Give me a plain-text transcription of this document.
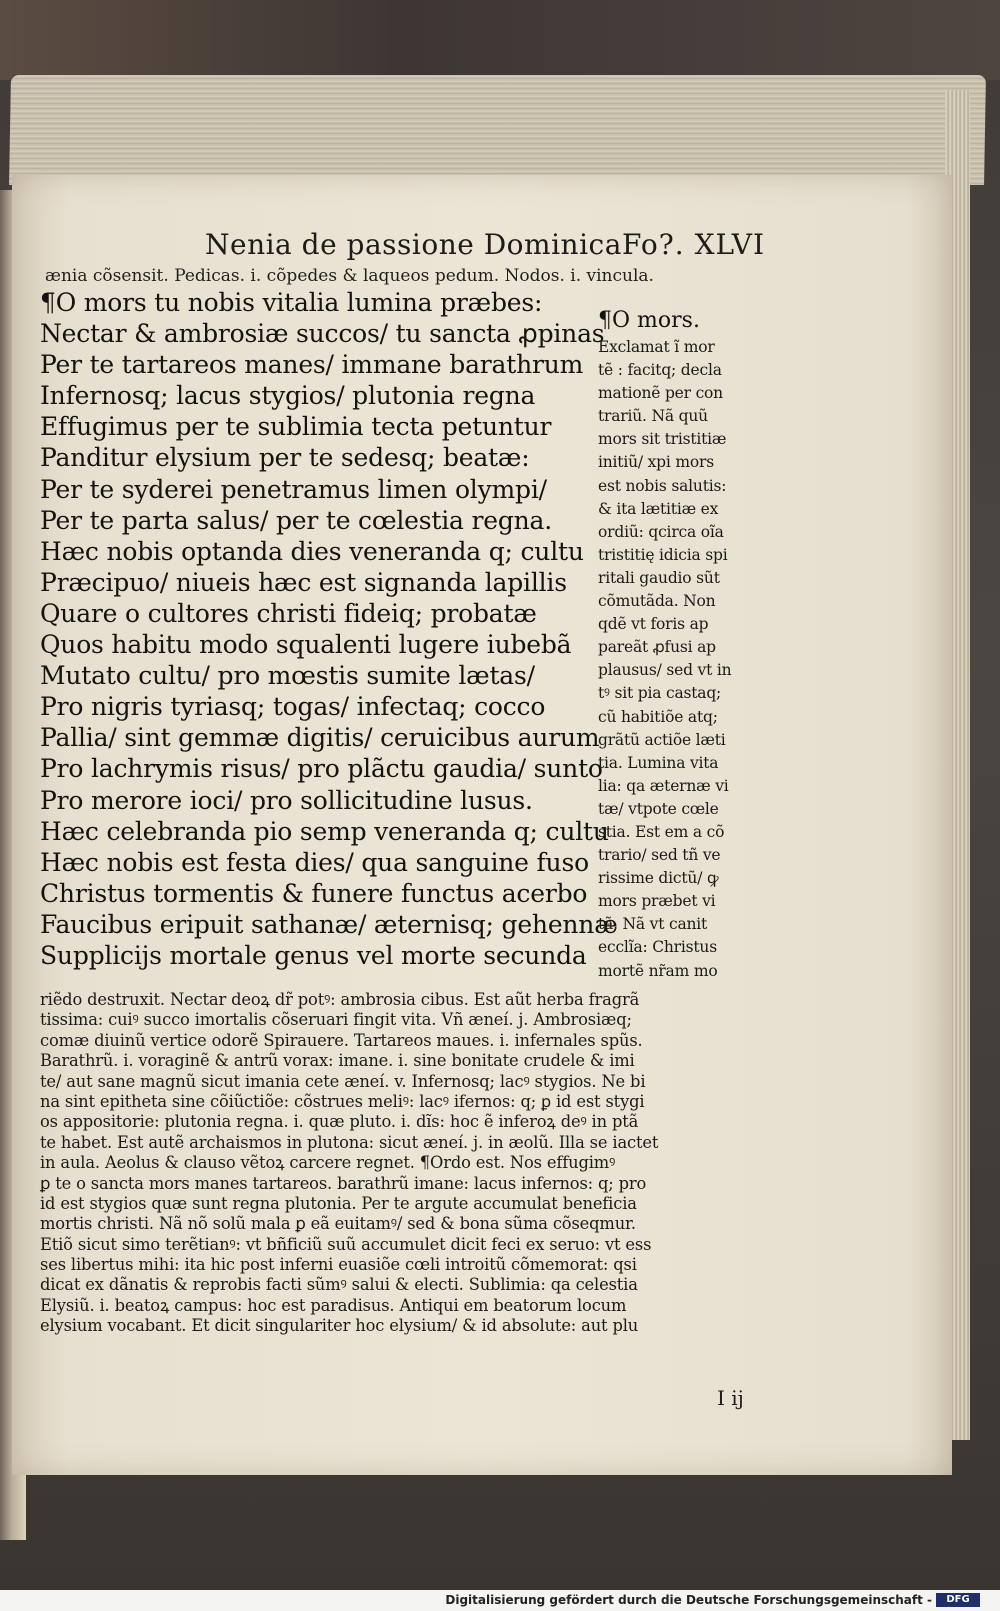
Nenia de passione Dominica Fo?. XLVI
ænia cõsensit. Pedicas. i. cõpedes & laqueos pedum. Nodos. i. vincula.
¶O mors tu nobis vitalia lumina præbes:
Nectar & ambrosiæ succos/ tu sancta ꝓpinas
Per te tartareos manes/ immane barathrum
Infernosq; lacus stygios/ plutonia regna
Effugimus per te sublimia tecta petuntur
Panditur elysium per te sedesq; beatæ:
Per te syderei penetramus limen olympi/
Per te parta salus/ per te cœlestia regna.
Hæc nobis optanda dies veneranda q; cultu
Præcipuo/ niueis hæc est signanda lapillis
Quare o cultores christi fideiq; probatæ
Quos habitu modo squalenti lugere iubebã
Mutato cultu/ pro mœstis sumite lætas/
Pro nigris tyriasq; togas/ infectaq; cocco
Pallia/ sint gemmæ digitis/ ceruicibus aurum
Pro lachrymis risus/ pro plãctu gaudia/ sunto
Pro merore ioci/ pro sollicitudine lusus.
Hæc celebranda pio semp veneranda q; cultu
Hæc nobis est festa dies/ qua sanguine fuso
Christus tormentis & funere functus acerbo
Faucibus eripuit sathanæ/ æternisq; gehennæ
Supplicijs mortale genus vel morte secunda
¶O mors.
Exclamat ĩ mor
tẽ : facitq; decla
mationẽ per con
trariũ. Nã quũ
mors sit tristitiæ
initiũ/ xpi mors
est nobis salutis:
& ita lætitiæ ex
ordiũ: qcirca oĩa
tristitię idicia spi
ritali gaudio sũt
cõmutãda. Non
qdẽ vt foris ap
pareãt ꝓfusi ap
plausus/ sed vt in
tꝰ sit pia castaq;
cũ habitiõe atq;
grãtũ actiõe læti
tia. Lumina vita
lia: qa æternæ vi
tæ/ vtpote cœle
stia. Est em a cõ
trario/ sed tñ ve
rissime dictũ/ ꝙ
mors præbet vi
tã. Nã vt canit
ecclĩa: Christus
mortẽ nr̃am mo
riẽdo destruxit. Nectar deoꝝ dr̃ potꝰ: ambrosia cibus. Est aũt herba fragrã
tissima: cuiꝰ succo imortalis cõseruari fingit vita. Vñ æneí. j. Ambrosiæq;
comæ diuinũ vertice odorẽ Spirauere. Tartareos maues. i. infernales spũs.
Barathrũ. i. voraginẽ & antrũ vorax: imane. i. sine bonitate crudele & imi
te/ aut sane magnũ sicut imania cete æneí. v. Infernosq; lacꝰ stygios. Ne bi
na sint epitheta sine cõiũctiõe: cõstrues meliꝰ: lacꝰ ifernos: q; ꝑ id est stygi
os appositorie: plutonia regna. i. quæ pluto. i. dĩs: hoc ẽ inferoꝝ deꝰ in ptã
te habet. Est autẽ archaismos in plutona: sicut æneí. j. in æolũ. Illa se iactet
in aula. Aeolus & clauso vẽtoꝝ carcere regnet. ¶Ordo est. Nos effugimꝰ
ꝑ te o sancta mors manes tartareos. barathrũ imane: lacus infernos: q; pro
id est stygios quæ sunt regna plutonia. Per te argute accumulat beneficia
mortis christi. Nã nõ solũ mala ꝑ eã euitamꝰ/ sed & bona sũma cõseqmur.
Etiõ sicut simo terẽtianꝰ: vt bñficiũ suũ accumulet dicit feci ex seruo: vt ess
ses libertus mihi: ita hic post inferni euasiõe cœli introitũ cõmemorat: qsi
dicat ex dãnatis & reprobis facti sũmꝰ salui & electi. Sublimia: qa celestia
Elysiũ. i. beatoꝝ campus: hoc est paradisus. Antiqui em beatorum locum
elysium vocabant. Et dicit singulariter hoc elysium/ & id absolute: aut plu
I ij
Digitalisierung gefördert durch die Deutsche Forschungsgemeinschaft -	DFG
